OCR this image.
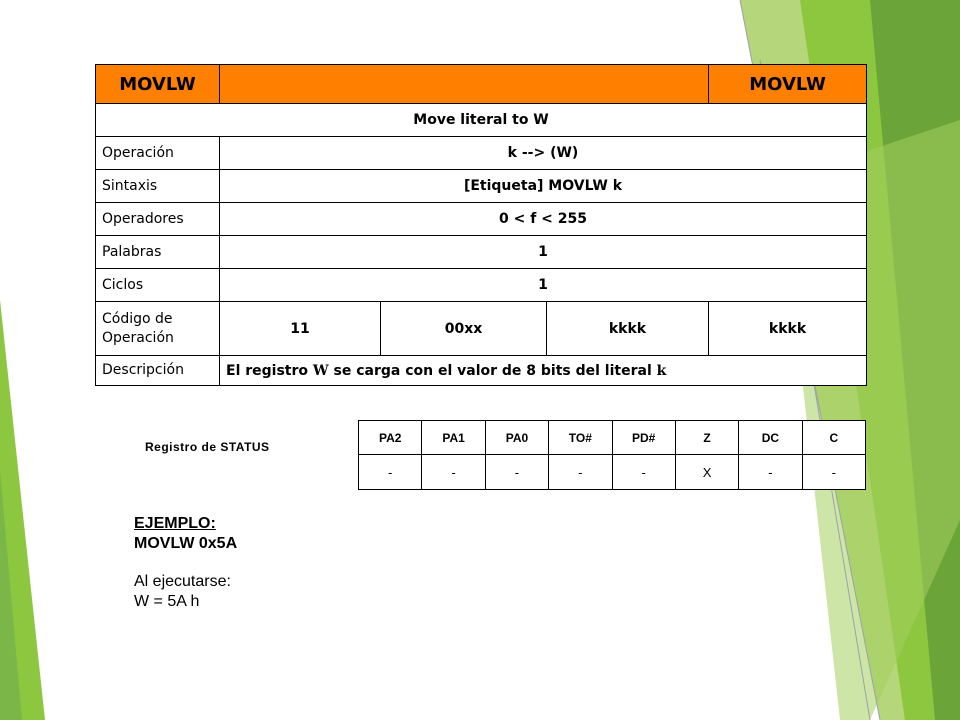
MOVLW				MOVLW
Move literal to W				
Operación	k --> (W)			
Sintaxis	[Etiqueta] MOVLW k			
Operadores	0 < f < 255			
Palabras	1			
Ciclos	1			
Código de
Operación	11	00xx	kkkk	kkkk
Descripción	El registro W se carga con el valor de 8 bits del literal k			
Registro de STATUS
PA2	PA1	PA0	TO#	PD#	Z	DC	C
-	-	-	-	-	X	-	-
EJEMPLO:
MOVLW 0x5A
Al ejecutarse:
W = 5A h
